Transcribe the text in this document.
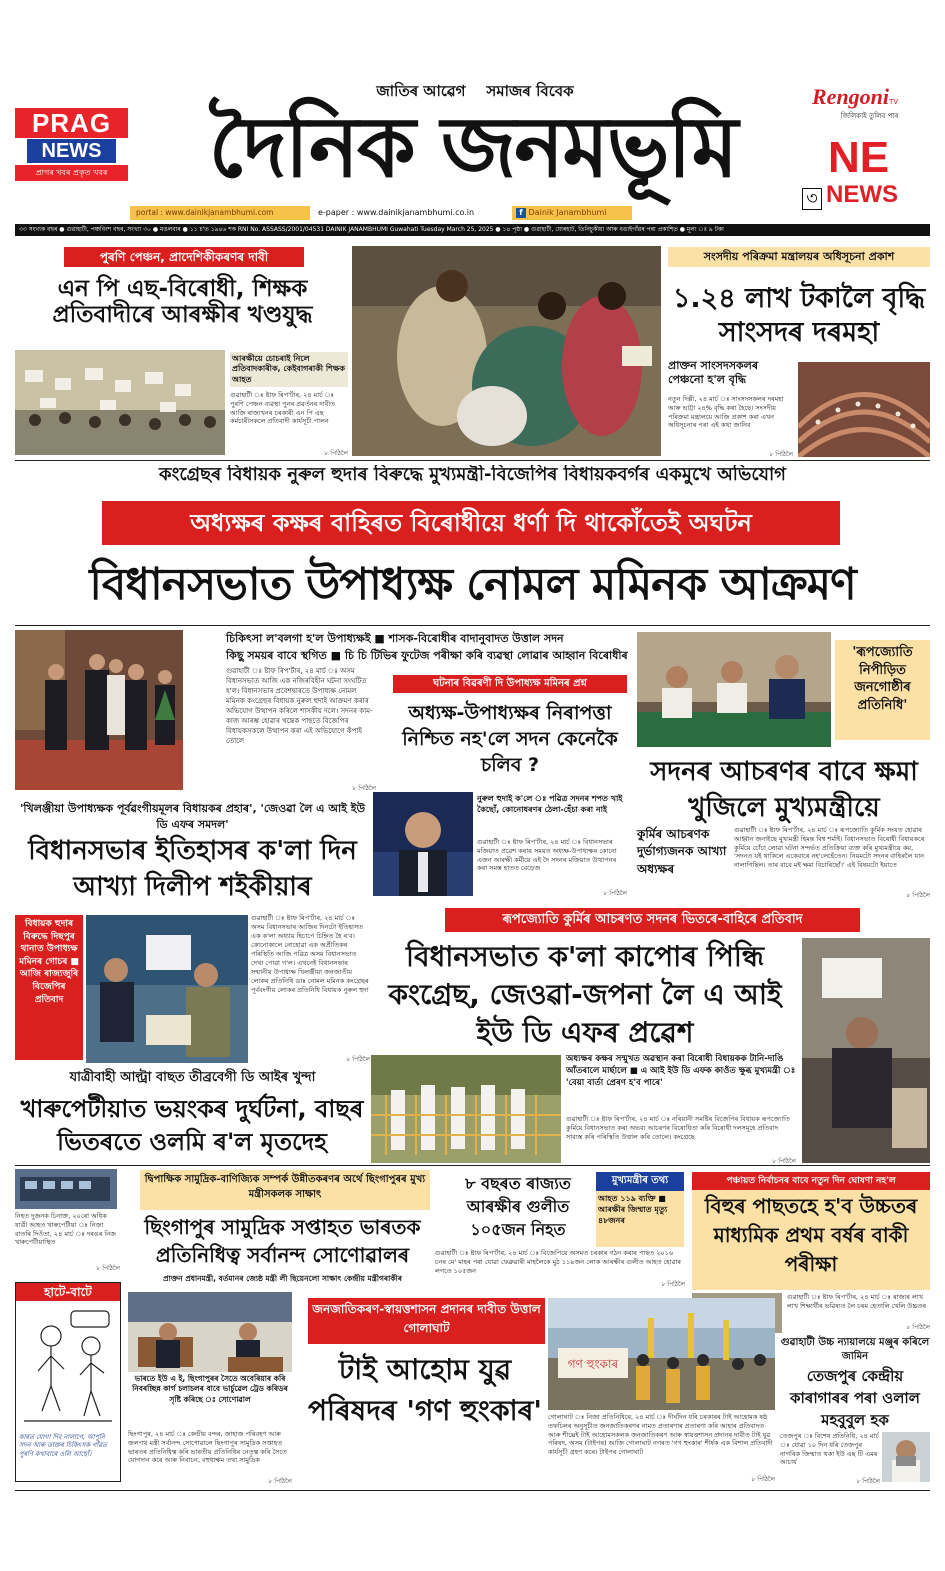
PRAG
NEWS
প্ৰাগৰ খবৰ প্ৰকৃত খবৰ
জাতিৰ আৱেগ    সমাজৰ বিবেক
দৈনিক জনমভূমি
portal : www.dainikjanambhumi.com	e-paper : www.dainikjanambhumi.co.in	f Dainik Janambhumi
RengoniTV
জিলিকাই তুলিব পাৰ
NE
৩ NEWS
৩৩ সংখ্যক বছৰ ● গুৱাহাটী, পঞ্চবিংশ বছৰ, সংখ্যা ৩০ ● মঙলবাৰ ● ১১ চ'ত ১৯৪৬ শক RNI No. ASSASS/2001/04531 DAINIK JANAMBHUMI Guwahati Tuesday March 25, 2025 ● ১৪ পৃষ্ঠা ● গুৱাহাটী, যোৰহাট, তিনিচুকীয়া আৰু বঙাইগাঁৱৰ পৰা প্ৰকাশিত ● মূল্য ঃ ৯ টকা
পুৰণি পেঞ্চন, প্ৰাদেশিকীকৰণৰ দাবী
এন পি এছ-বিৰোধী, শিক্ষক প্ৰতিবাদীৰে আৰক্ষীৰ খণ্ডযুদ্ধ
আৰক্ষীয়ে চোচৰাই নিলে প্ৰতিবাদকাৰীক, কেইবাগৰাকী শিক্ষক আহত
গুৱাহাটী ঃ ষ্টাফ ৰিপ'ৰ্টাৰ, ২৪ মাৰ্চ ঃ পুৰণি পেঞ্চন ব্যৱস্থা পুনৰ প্ৰৱৰ্তনৰ দাবীত আজি ৰাজ্যখনৰ চৰকাৰী এন পি এছ কৰ্মচাৰীসকলে প্ৰতিবাদী কাৰ্যসূচী পালন
৮ পিঠিলৈ
সংসদীয় পৰিক্ৰমা মন্ত্ৰালয়ৰ অধিসূচনা প্ৰকাশ
১.২৪ লাখ টকালৈ বৃদ্ধি সাংসদৰ দৰমহা
প্ৰাক্তন সাংসদসকলৰ পেঞ্চনো হ'ল বৃদ্ধি
নতুন দিল্লী, ২৪ মাৰ্চ ঃ সাংসদসকলৰ দৰমহা আৰু ভাট্টা ২৪% বৃদ্ধি কৰা হৈছে। সংসদীয় পৰিক্ৰমা মন্ত্ৰালয়ে আজি প্ৰকাশ কৰা এখন অধিসূচনাৰ পৰা এই কথা জানিব
৮ পিঠিলৈ
কংগ্ৰেছৰ বিধায়ক নুৰুল হুদাৰ বিৰুদ্ধে মুখ্যমন্ত্ৰী-বিজেপিৰ বিধায়কবৰ্গৰ একমুখে অভিযোগ
অধ্যক্ষৰ কক্ষৰ বাহিৰত বিৰোধীয়ে ধৰ্ণা দি থাকোঁতেই অঘটন
বিধানসভাত উপাধ্যক্ষ নোমল মমিনক আক্ৰমণ
চিকিৎসা ল'বলগা হ'ল উপাধ্যক্ষই ■ শাসক-বিৰোধীৰ বাদানুবাদত উত্তাল সদন
কিছু সময়ৰ বাবে স্থগিত ■ চি চি টিভিৰ ফুটেজ পৰীক্ষা কৰি ব্যৱস্থা লোৱাৰ আহ্বান বিৰোধীৰ
গুৱাহাটী ঃ ষ্টাফ ৰিপ'ৰ্টাৰ, ২৪ মাৰ্চ ঃ অসম বিধানসভাত আজি এক নজিৰবিহীন ঘটনা সংঘটিত হ'ল। বিধানসভাৰ প্ৰবেশদ্বাৰতে উপাধ্যক্ষ নোমল মমিনক কংগ্ৰেছৰ বিধায়ক নুৰুল হুদাই আক্ৰমণ কৰাৰ অভিযোগ উত্থাপন কৰিলে শাসকীয় দলে। সদনৰ কাম-কাজ আৰম্ভ হোৱাৰ খন্তেক পাছতে বিজেপিৰ বিধায়কসকলে উত্থাপন কৰা এই অভিযোগে কঁপাই তোলে
৮ পিঠিলৈ
ঘটনাৰ বিৱৰণী দি উপাধ্যক্ষ মমিনৰ প্ৰশ্ন
অধ্যক্ষ-উপাধ্যক্ষৰ নিৰাপত্তা নিশ্চিত নহ'লে সদন কেনেকৈ চলিব ?
নুৰুল হুদাই ক'লে ঃ পৱিত্ৰ সদনৰ শপত খাই কৈছোঁ, কোনোধৰণৰ ঠেলা-হেঁচা কৰা নাই
গুৱাহাটী ঃ ষ্টাফ ৰিপ'ৰ্টাৰ, ২৪ মাৰ্চ ঃ বিধানসভাৰ মজিয়াত প্ৰৱেশ কৰাৰ সময়ত অধ্যক্ষ-উপাধ্যক্ষৰ কোনো এজন আৰক্ষী কৰ্মীয়ে এই দৈ সদনৰ মজিয়াত উত্থাপনৰ কৰা সমস্ত হাতত বেড়েজ
৮ পিঠিলৈ
'ৰূপজ্যোতি নিপীড়িত জনগোষ্ঠীৰ প্ৰতিনিধি'
সদনৰ আচৰণৰ বাবে ক্ষমা খুজিলে মুখ্যমন্ত্ৰীয়ে
কুৰ্মিৰ আচৰণক দুৰ্ভাগ্যজনক আখ্যা অধ্যক্ষৰ
গুৱাহাটী ঃ ষ্টাফ ৰিপ'ৰ্টাৰ, ২৪ মাৰ্চ ঃ ৰূপজ্যোতি কুৰ্মিক সংযত হোৱাৰ আহ্বান জনাইছে মুখ্যমন্ত্ৰী হিমন্ত বিশ্ব শৰ্মাই। বিধানসভাত বিৰোধী বিধায়কৰে কুৰ্মিয়ে চোঁচা লোৱা ঘটনা সন্দৰ্ভত প্ৰতিক্ৰিয়া ব্যক্ত কৰি মুখ্যমন্ত্ৰীয়ে কয়, 'সদনত যই থাকিলে একেবাৰে নহ'লেহেঁতেন। নিয়মটো সদনৰ বাহিৰলৈ যান নালাগিছিল। তাৰ বাবে মই ক্ষমা বিচাৰিছোঁ।' এই বিষয়টো ইয়াতে
৮ পিঠিলৈ
'খিলঞ্জীয়া উপাধ্যক্ষক পূৰ্বৱংগীয়মূলৰ বিধায়কৰ প্ৰহাৰ', 'জেওৱা লৈ এ আই ইউ ডি এফৰ সমদল'
বিধানসভাৰ ইতিহাসৰ ক'লা দিন আখ্যা দিলীপ শইকীয়াৰ
বিধায়ক হুদাৰ বিৰুদ্ধে দিছপুৰ থানাত উপাধ্যক্ষ মমিনৰ গোচৰ ■ আজি ৰাজ্যজুৰি বিজেপিৰ প্ৰতিবাদ
গুৱাহাটী ঃ ষ্টাফ ৰিপ'ৰ্টাৰ, ২৪ মাৰ্চ ঃ অসম বিধানসভাৰ আজিৰ দিনটো ইতিহাসত এক ক'লা অধ্যায় হিচাপে চিহ্নিত হৈ ৰ'ব। কোনোকালে নোহোৱা এক অপ্ৰীতিকৰ পৰিস্থিতি আজি পৱিত্ৰ অসম বিধানসভাত দেখা পোৱা গ'ল। এখনেই বিধানসভাৰ সন্মানীয় উপাধ্যক্ষ খিলঞ্জীয়া জনজাতীয় লোকৰ প্ৰতিনিধি ডাঃ নোমল মমিনক কংগ্ৰেছৰ পূৰ্ববংগীয় লোকৰ প্ৰতিনিধি বিধায়ক নুৰুল হুদা
৮ পিঠিলৈ
ৰূপজ্যোতি কুৰ্মিৰ আচৰণত সদনৰ ভিতৰে-বাহিৰে প্ৰতিবাদ
বিধানসভাত ক'লা কাপোৰ পিন্ধি কংগ্ৰেছ, জেওৱা-জপনা লৈ এ আই ইউ ডি এফৰ প্ৰৱেশ
অধ্যক্ষৰ কক্ষৰ সন্মুখত অৱস্থান কৰা বিৰোধী বিধায়কক টানি-দাঙি আঁতৰালে মাৰ্ছালে ■ এ আই ইউ ডি এফক কাওঁত ক্ষুব্ধ মুখ্যমন্ত্ৰী ঃ 'বেয়া বাৰ্তা প্ৰেৰণ হ'ব পাৰে'
গুৱাহাটী ঃ ষ্টাফ ৰিপ'ৰ্টাৰ, ২৪ মাৰ্চ ঃ নৰিয়ানী সমষ্টিৰ বিজেপিৰ বিধায়ক ৰূপজ্যোতি কুৰ্মিয়ে বিধানসভাত কৰা অভব্য আচৰণৰ বিৰোধিতা কৰি বিৰোধী দলসমূহে প্ৰতিবাদ সাব্যস্ত কৰি পৰিস্থিতি উত্তাল কৰি তোলে। কংগ্ৰেছে
৮ পিঠিলৈ
যাত্ৰীবাহী আল্ট্ৰা বাছত তীব্ৰবেগী ডি আইৰ খুন্দা
খাৰুপেটীয়াত ভয়ংকৰ দুৰ্ঘটনা, বাছৰ ভিতৰতে ওলমি ৰ'ল মৃতদেহ
নিহত দুজনক চিনাক্ত, ২০ৰো অধিক যাত্ৰী আহত খাৰুপেটীয়া ঃ নিজা বাতৰি দিওঁতা, ২৪ মাৰ্চ ঃ দৰঙৰ নিজ খাৰুপেটীয়াস্থিত
৮ পিঠিলৈ
হাটে-বাটে
কাৰত যোগা দিব নালাগে, আপুনি সদন আৰু ডাক্তৰ চিকিৎসক গাঁৱত পুৰণি কথাবাৰে ওলি আছোঁ।
দ্বিপাক্ষিক সামুদ্ৰিক-বাণিজ্যিক সম্পৰ্ক উন্নীতকৰণৰ অৰ্থে ছিংগাপুৰৰ মুখ্য মন্ত্ৰীসকলক সাক্ষাৎ
ছিংগাপুৰ সামুদ্ৰিক সপ্তাহত ভাৰতক প্ৰতিনিধিত্ব সৰ্বানন্দ সোণোৱালৰ
প্ৰাক্তন প্ৰধানমন্ত্ৰী, বৰ্তমানৰ জ্যেষ্ঠ মন্ত্ৰী লী ছিয়েনলো সাক্ষাৎ কেন্দ্ৰীয় মন্ত্ৰীগৰাকীৰ
ভাৰতে ইউ এ ই, ছিংগাপুৰৰ সৈতে অবেৰিয়াৰ কৰি নিবৰচ্ছিন্ন কাৰ্গ চলাচলৰ বাবে ভাৰ্চুৱেল ট্ৰেড কৰিডৰ সৃষ্টি কৰিছে ঃ সোণোৱাল
ছিংগাপুৰ, ২৪ মাৰ্চ ঃ কেন্দ্ৰীয় বন্দৰ, জাহাজ পৰিবহণ আৰু জলপথ মন্ত্ৰী সৰ্বানন্দ সোণোৱালে ছিংগাপুৰ সামুদ্ৰিক সপ্তাহত ভাৰতৰ প্ৰতিনিধিত্ব কৰি ভাৰতীয় প্ৰতিনিধিৰ নেতৃত্ব কৰি সৈতে যোগদান কৰে আৰু নিবাচন, বহুধাক্ষম তথা সামুদ্ৰিক
৮ পিঠিলৈ
৮ বছৰত ৰাজ্যত আৰক্ষীৰ গুলীত ১০৫জন নিহত
মুখ্যমন্ত্ৰীৰ তথ্য
আহত ১১৯ ব্যক্তি ■ আৰক্ষীৰ জিম্মাত মৃত্যু ৪৮জনৰ
গুৱাহাটী ঃ ষ্টাফ ৰিপ'ৰ্টাৰ, ২৪ মাৰ্চ ঃ বিজেপিয়ে অসমত চৰকাৰ গঠন কৰাৰ পাছত ২০১৬ চনৰ মে' মাহৰ পৰা যোৱা ফেব্ৰুৱাৰী মাহলৈকে মুঠ ১১৯জন লোক আৰক্ষীৰ গুলীত আহত হোৱাৰ লগতে ১০৫জন
৮ পিঠিলৈ
পঞ্চায়ত নিৰ্বাচনৰ বাবে নতুন দিন ঘোষণা নহ'ল
বিহুৰ পাছতহে হ'ব উচ্চতৰ মাধ্যমিক প্ৰথম বৰ্ষৰ বাকী পৰীক্ষা
গুৱাহাটী ঃ ষ্টাফ ৰিপ'ৰ্টাৰ, ২৪ মাৰ্চ ঃ ৰাজ্যৰ লাখ লাখ শিক্ষাৰ্থীৰ ভৱিষ্যত লৈ চৰম হেতালি খেলি উচ্চতৰ
৮ পিঠিলৈ
জনজাতিকৰণ-স্বায়ত্তশাসন প্ৰদানৰ দাবীত উত্তাল গোলাঘাট
টাই আহোম যুৱ পৰিষদৰ 'গণ হুংকাৰ'
গণ হুংকাৰ
গোলাঘাট ঃ নিজা প্ৰতিনিধিৰে, ২৪ মাৰ্চ ঃ দীৰ্ঘদিন ধৰি চৰকাৰৰ টাই আহোমক ষষ্ঠ তফচিলৰ অনুসূচীত জনজাতিকৰণৰ নামত প্ৰতাৰণাৰ প্ৰতাৰণা কৰি আহাৰ প্ৰতিবাদত আৰু শীঘ্ৰেই টাই আহোমসকলক জনজাতিকৰণ আৰু স্বায়ত্তশাসন প্ৰদানৰ দাবীত টাই যুৱ পৰিষদ, অসম (টাইপৰ) আজি গোলাঘাট নগৰত 'গণ হুংকাৰ' শীৰ্ষক এক বিশাল প্ৰতিবাদী কাৰ্যসূচী গ্ৰহণ কৰে। টাইপৰ গোলাঘাট
৮ পিঠিলৈ
গুৱাহাটী উচ্চ ন্যায়ালয়ে মঞ্জুৰ কৰিলে জামিন
তেজপুৰ কেন্দ্ৰীয় কাৰাগাৰৰ পৰা ওলাল মহবুবুল হক
তেজপুৰ ঃ বিশেষ প্ৰতিনিধি, ২৪ মাৰ্চ ঃ যোৱা ১০ দিন ধৰি তেজপুৰ নাগৰিক জিম্মাত থকা ইউ এছ টি এমৰ আচাৰ্য
৮ পিঠিলৈ
